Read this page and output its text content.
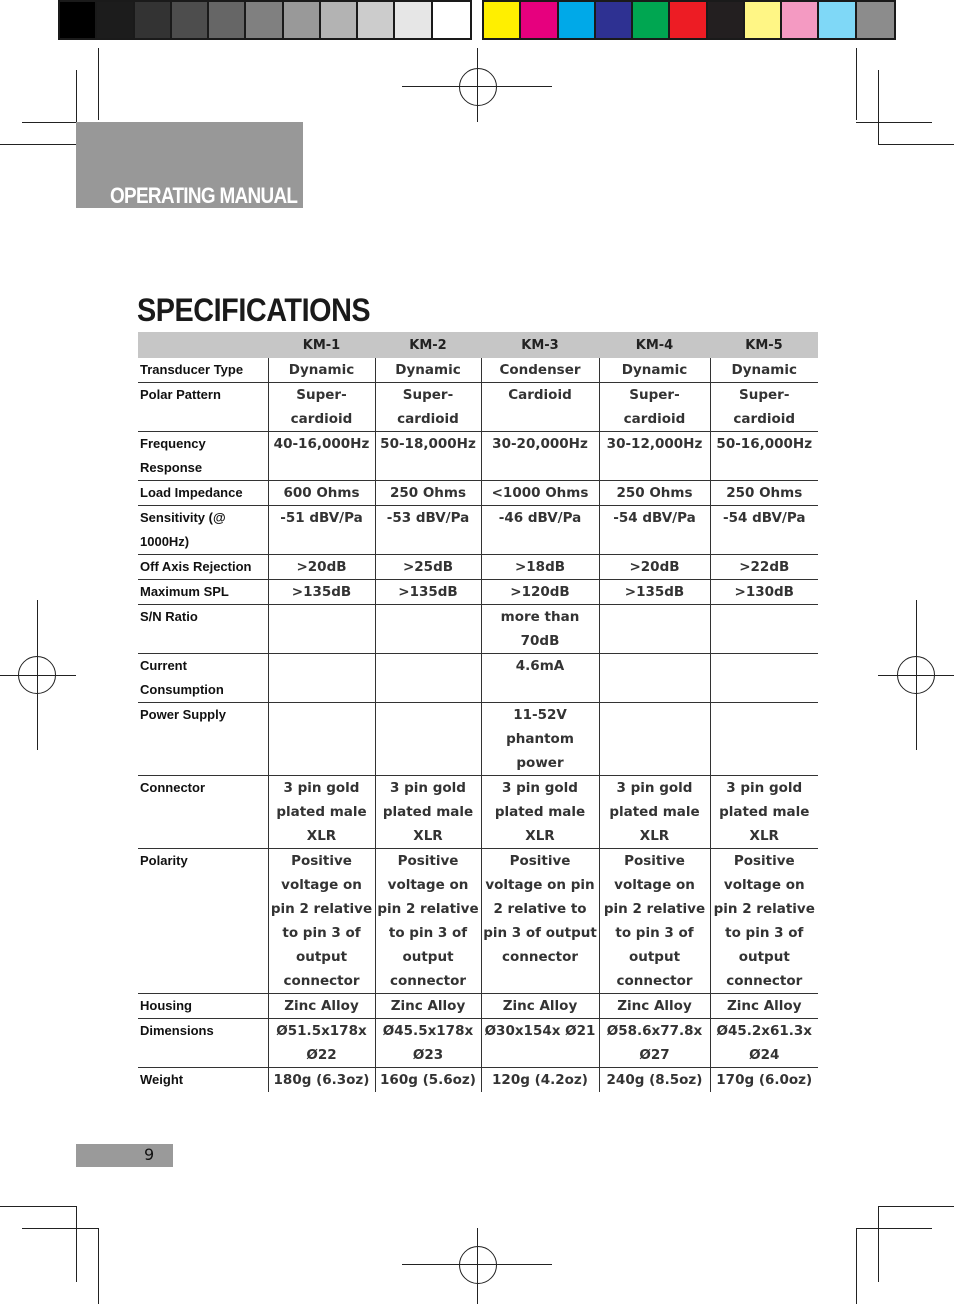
OPERATING MANUAL
SPECIFICATIONS
	KM-1	KM-2	KM-3	KM-4	KM-5
Transducer Type	Dynamic	Dynamic	Condenser	Dynamic	Dynamic
Polar Pattern	Super-cardioid	Super-cardioid	Cardioid	Super-cardioid	Super-cardioid
Frequency Response	40-16,000Hz	50-18,000Hz	30-20,000Hz	30-12,000Hz	50-16,000Hz
Load Impedance	600 Ohms	250 Ohms	<1000 Ohms	250 Ohms	250 Ohms
Sensitivity (@ 1000Hz)	-51 dBV/Pa	-53 dBV/Pa	-46 dBV/Pa	-54 dBV/Pa	-54 dBV/Pa
Off Axis Rejection	>20dB	>25dB	>18dB	>20dB	>22dB
Maximum SPL	>135dB	>135dB	>120dB	>135dB	>130dB
S/N Ratio			more than 70dB		
Current Consumption			4.6mA		
Power Supply			11-52V phantom power		
Connector	3 pin gold plated male XLR	3 pin gold plated male XLR	3 pin gold plated male XLR	3 pin gold plated male XLR	3 pin gold plated male XLR
Polarity	Positive voltage on pin 2 relative to pin 3 of output connector	Positive voltage on pin 2 relative to pin 3 of output connector	Positive voltage on pin 2 relative to pin 3 of output connector	Positive voltage on pin 2 relative to pin 3 of output connector	Positive voltage on pin 2 relative to pin 3 of output connector
Housing	Zinc Alloy	Zinc Alloy	Zinc Alloy	Zinc Alloy	Zinc Alloy
Dimensions	Ø51.5x178x Ø22	Ø45.5x178x Ø23	Ø30x154x Ø21	Ø58.6x77.8x Ø27	Ø45.2x61.3x Ø24
Weight	180g (6.3oz)	160g (5.6oz)	120g (4.2oz)	240g (8.5oz)	170g (6.0oz)
9
